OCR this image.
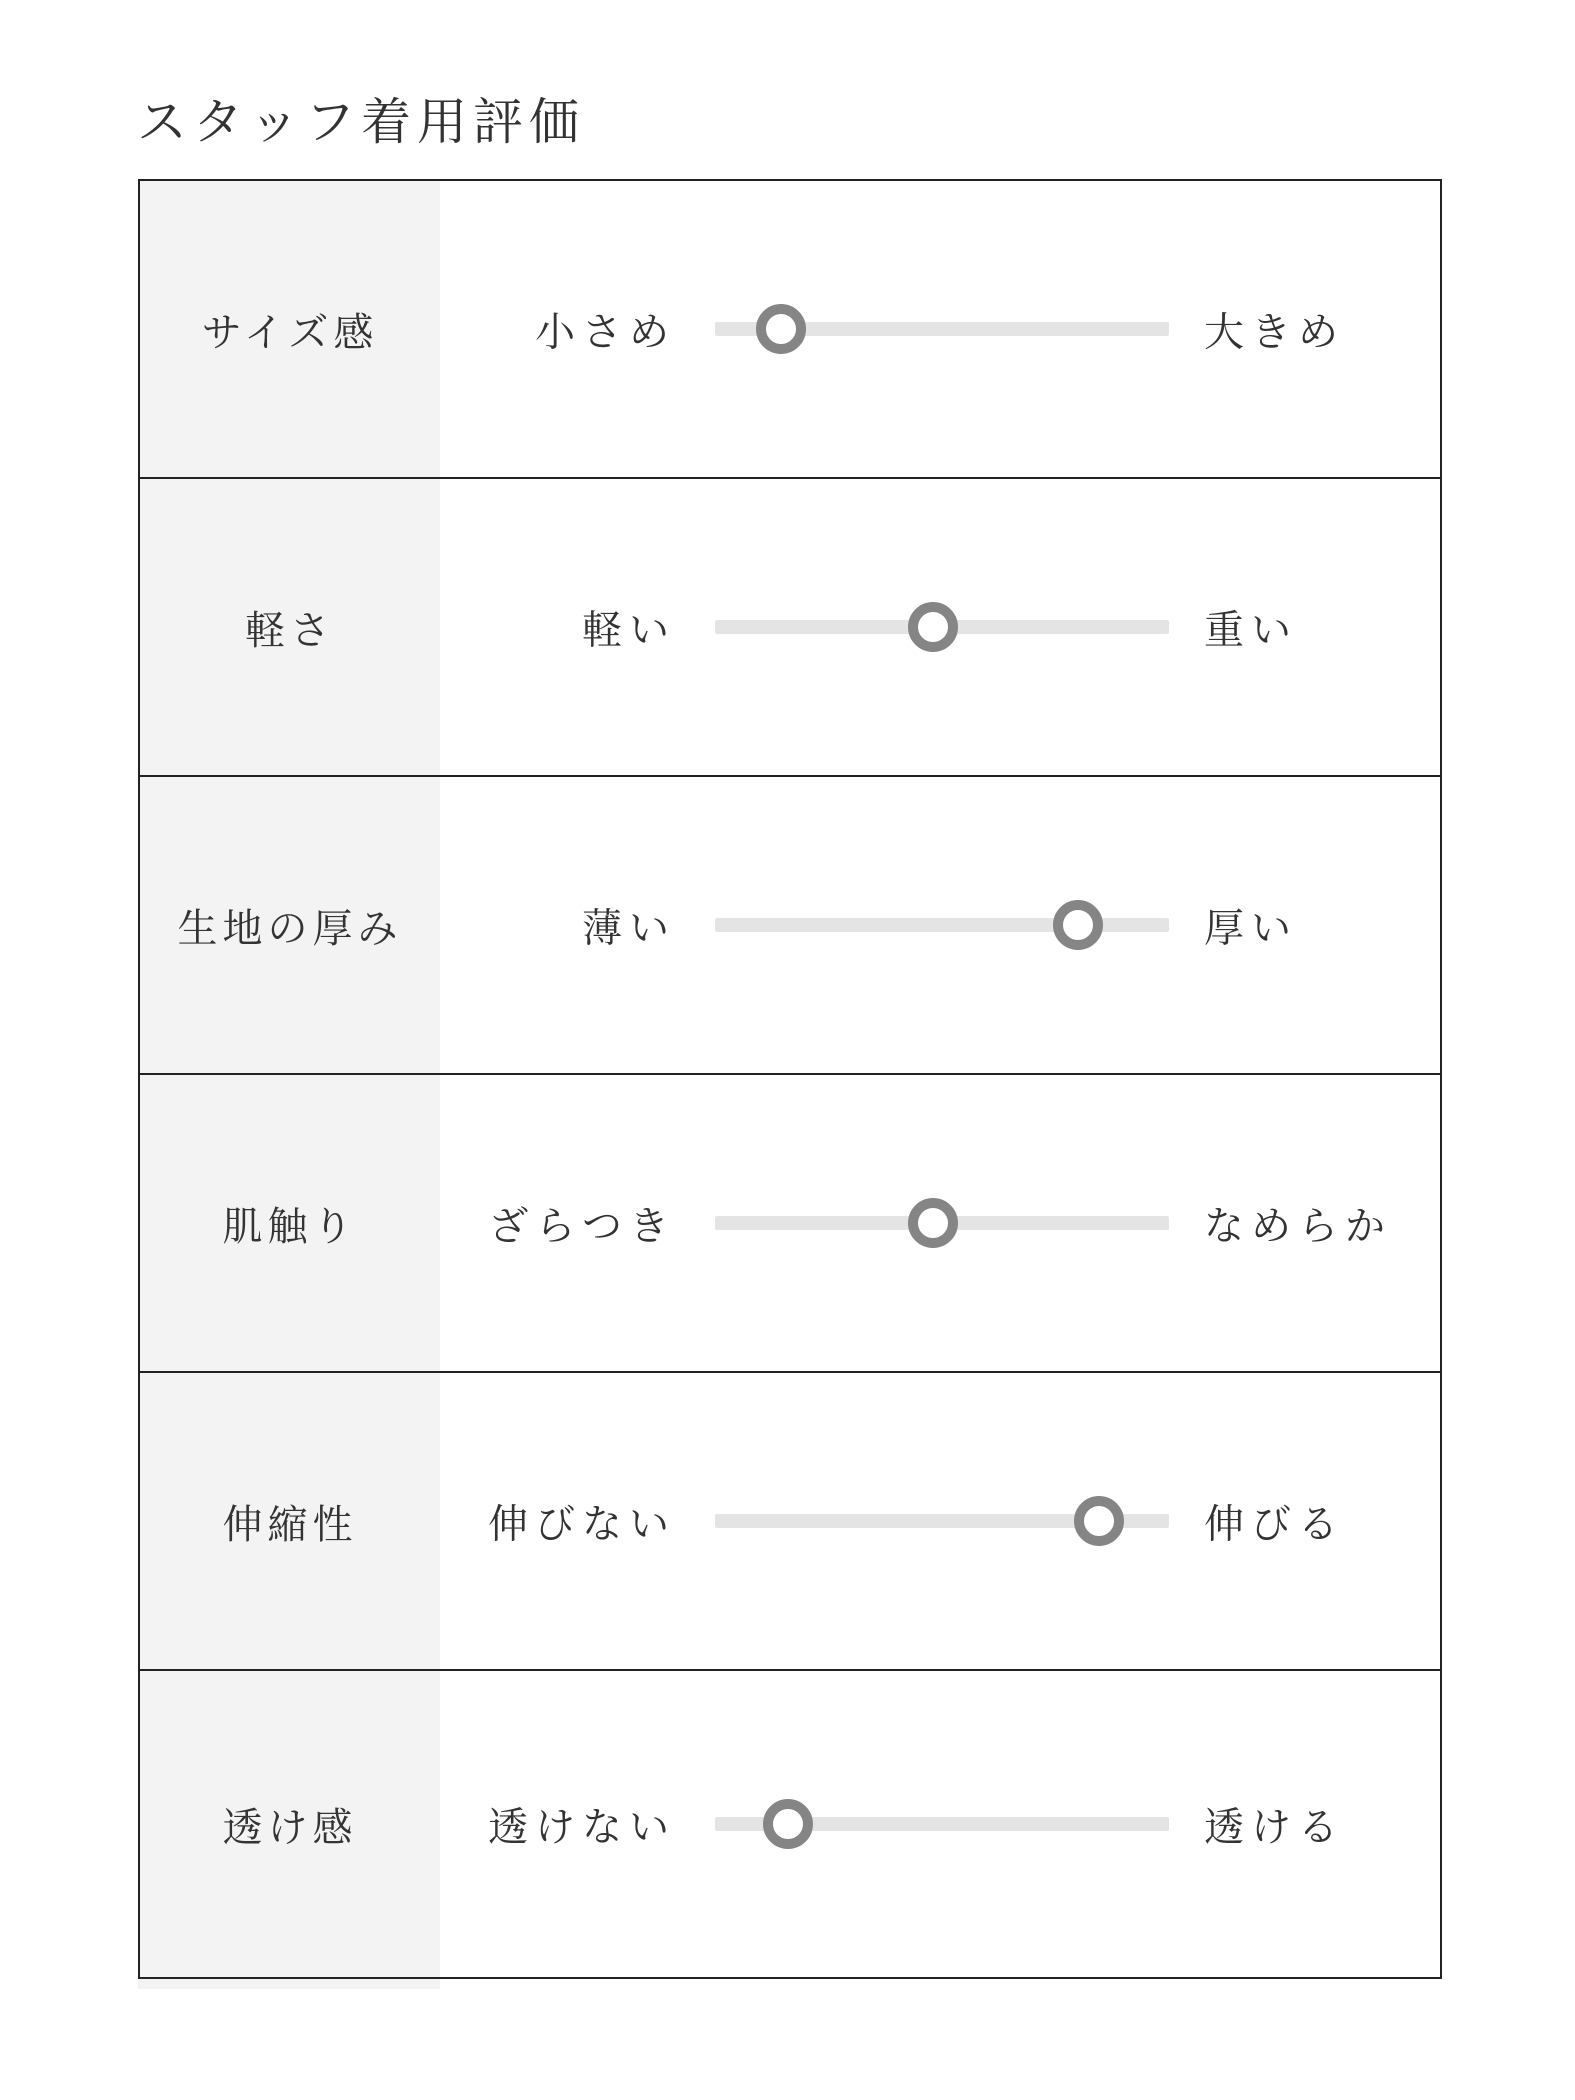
スタッフ着用評価
サイズ感	小さめ	大きめ
軽さ	軽い	重い
生地の厚み	薄い	厚い
肌触り	ざらつき	なめらか
伸縮性	伸びない	伸びる
透け感	透けない	透ける
